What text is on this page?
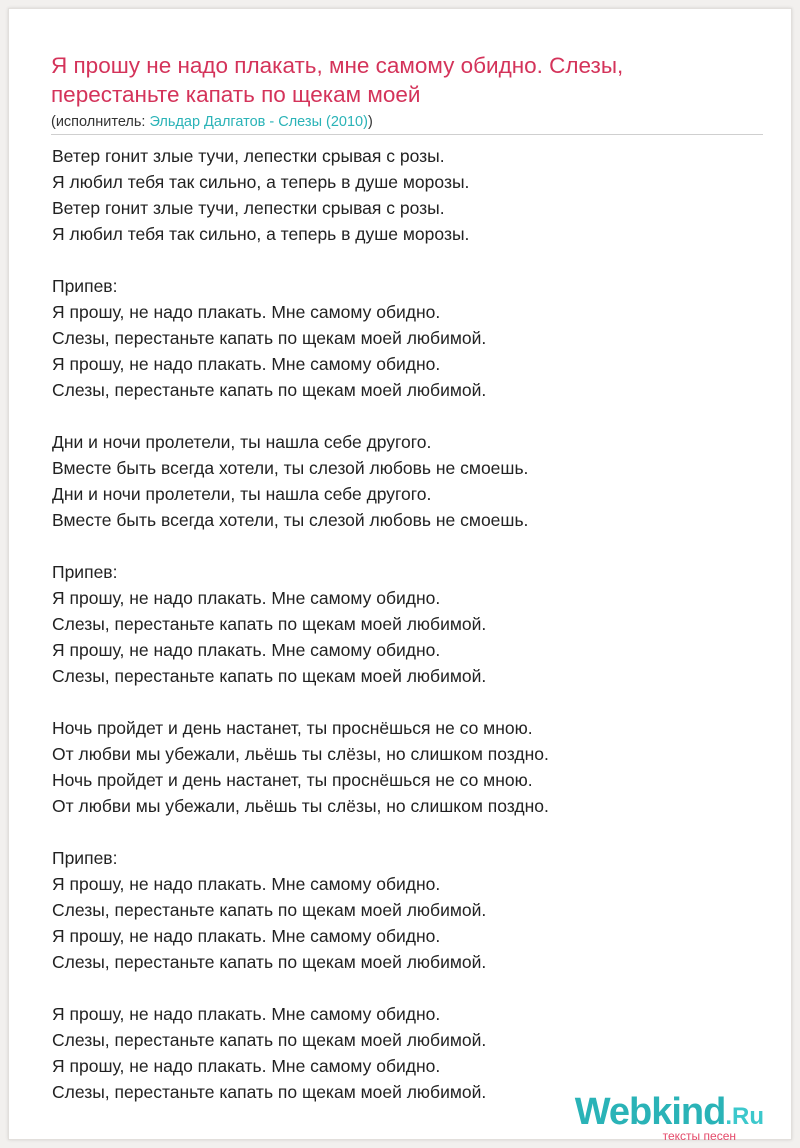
Я прошу не надо плакать, мне самому обидно. Слезы, перестаньте капать по щекам моей

(исполнитель: Эльдар Далгатов - Слезы (2010))

Ветер гонит злые тучи, лепестки срывая с розы.
Я любил тебя так сильно, а теперь в душе морозы.
Ветер гонит злые тучи, лепестки срывая с розы.
Я любил тебя так сильно, а теперь в душе морозы.
Припев:
Я прошу, не надо плакать. Мне самому обидно.
Слезы, перестаньте капать по щекам моей любимой.
Я прошу, не надо плакать. Мне самому обидно.
Слезы, перестаньте капать по щекам моей любимой.
Дни и ночи пролетели, ты нашла себе другого.
Вместе быть всегда хотели, ты слезой любовь не смоешь.
Дни и ночи пролетели, ты нашла себе другого.
Вместе быть всегда хотели, ты слезой любовь не смоешь.
Припев:
Я прошу, не надо плакать. Мне самому обидно.
Слезы, перестаньте капать по щекам моей любимой.
Я прошу, не надо плакать. Мне самому обидно.
Слезы, перестаньте капать по щекам моей любимой.
Ночь пройдет и день настанет, ты проснёшься не со мною.
От любви мы убежали, льёшь ты слёзы, но слишком поздно.
Ночь пройдет и день настанет, ты проснёшься не со мною.
От любви мы убежали, льёшь ты слёзы, но слишком поздно.
Припев:
Я прошу, не надо плакать. Мне самому обидно.
Слезы, перестаньте капать по щекам моей любимой.
Я прошу, не надо плакать. Мне самому обидно.
Слезы, перестаньте капать по щекам моей любимой.
Я прошу, не надо плакать. Мне самому обидно.
Слезы, перестаньте капать по щекам моей любимой.
Я прошу, не надо плакать. Мне самому обидно.
Слезы, перестаньте капать по щекам моей любимой.	Webkind.Ru
тексты песен
